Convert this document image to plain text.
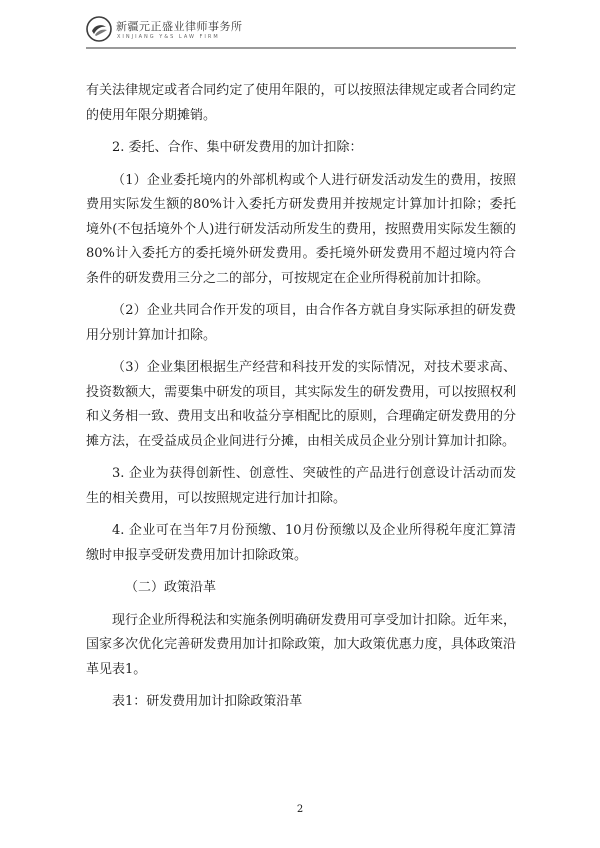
新疆元正盛业律师事务所
XINJIANG Y&S LAW FIRM

有关法律规定或者合同约定了使用年限的，可以按照法律规定或者合同约定的使用年限分期摊销。

2. 委托、合作、集中研发费用的加计扣除：

（1）企业委托境内的外部机构或个人进行研发活动发生的费用，按照费用实际发生额的80%计入委托方研发费用并按规定计算加计扣除；委托境外(不包括境外个人)进行研发活动所发生的费用，按照费用实际发生额的80%计入委托方的委托境外研发费用。委托境外研发费用不超过境内符合条件的研发费用三分之二的部分，可按规定在企业所得税前加计扣除。

（2）企业共同合作开发的项目，由合作各方就自身实际承担的研发费用分别计算加计扣除。

（3）企业集团根据生产经营和科技开发的实际情况，对技术要求高、投资数额大，需要集中研发的项目，其实际发生的研发费用，可以按照权利和义务相一致、费用支出和收益分享相配比的原则，合理确定研发费用的分摊方法，在受益成员企业间进行分摊，由相关成员企业分别计算加计扣除。

3. 企业为获得创新性、创意性、突破性的产品进行创意设计活动而发生的相关费用，可以按照规定进行加计扣除。

4. 企业可在当年7月份预缴、10月份预缴以及企业所得税年度汇算清缴时申报享受研发费用加计扣除政策。

（二）政策沿革

现行企业所得税法和实施条例明确研发费用可享受加计扣除。近年来，国家多次优化完善研发费用加计扣除政策，加大政策优惠力度，具体政策沿革见表1。

表1：研发费用加计扣除政策沿革

2
